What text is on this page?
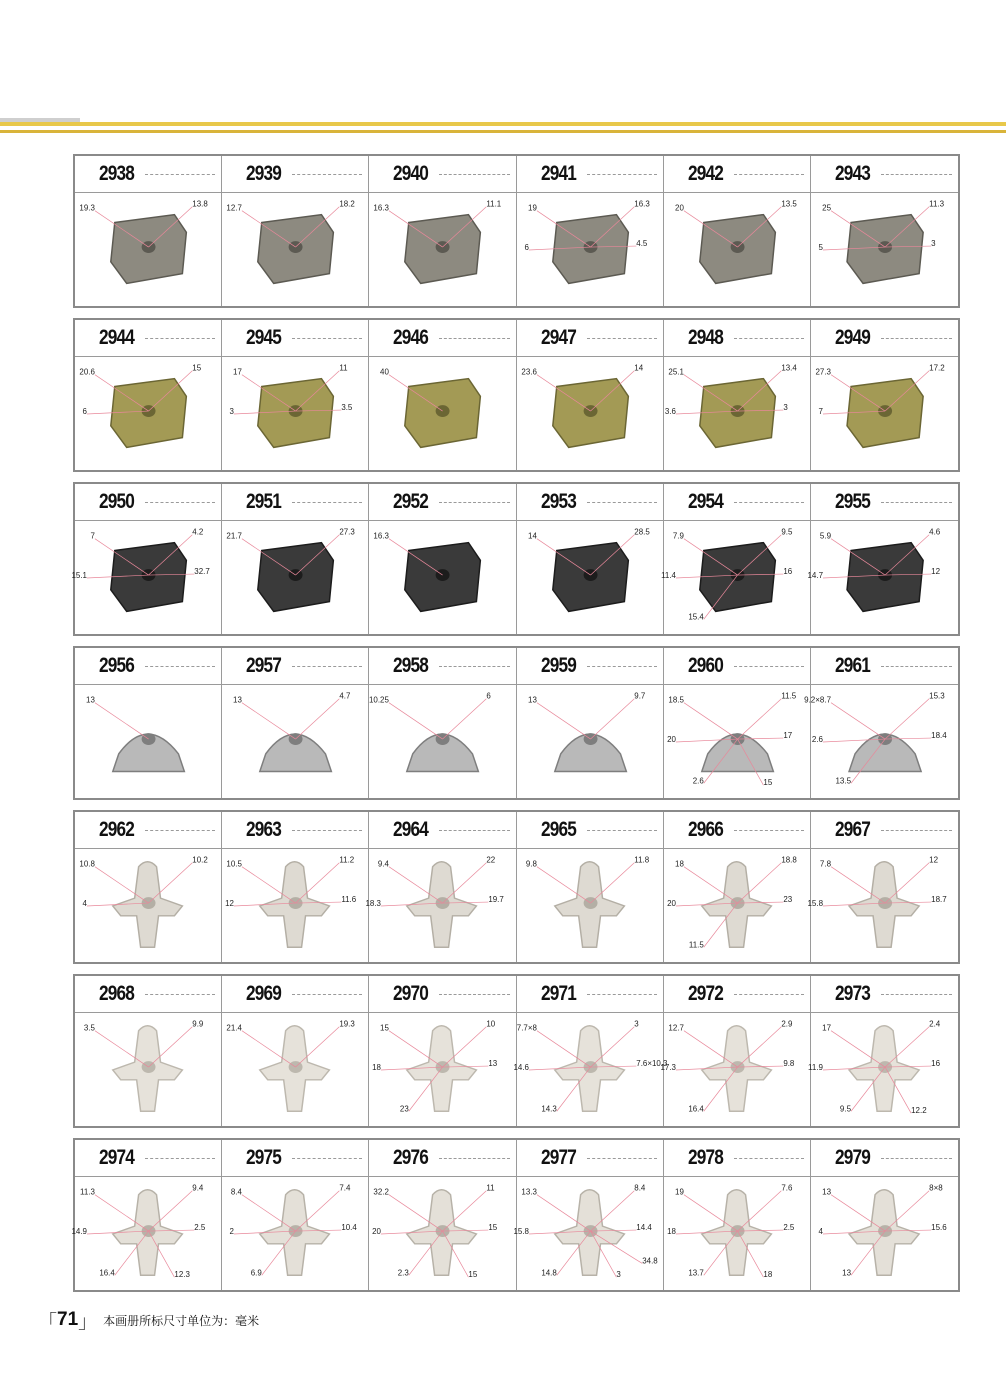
2938
19.3	13.8
2939
12.7	18.2
2940
16.3	11.1
2941
19	16.3
6	4.5
2942
20	13.5
2943
25	11.3
5	3
2944
20.6	15
6
2945
17	11
3	3.5
2946
40
2947
23.6	14
2948
25.1	13.4
3.6	3
2949
27.3	17.2
7
2950
7	4.2
15.1	32.7
2951
21.7	27.3
2952
16.3
2953
14	28.5
2954
7.9	9.5
11.4	16
15.4
2955
5.9	4.6
14.7	12
2956
13
2957
13	4.7
2958
10.25	6
2959
13	9.7
2960
18.5	11.5
20	17
2.6	15
2961
9.2×8.7	15.3
2.6	18.4
13.5
2962
10.8	10.2
4
2963
10.5	11.2
12	11.6
2964
9.4	22
18.3	19.7
2965
9.8	11.8
2966
18	18.8
20	23
11.5
2967
7.8	12
15.8	18.7
2968
3.5	9.9
2969
21.4	19.3
2970
15	10
18	13
23
2971
7.7×8	3
14.6	7.6×10.3
14.3
2972
12.7	2.9
17.3	9.8
16.4
2973
17	2.4
11.9	16
9.5	12.2
2974
11.3	9.4
14.9	2.5
16.4	12.3
2975
8.4	7.4
2	10.4
6.9
2976
32.2	11
20	15
2.3	15
2977
13.3	8.4
15.8	14.4
14.8	3
34.8
2978
19	7.6
18	2.5
13.7	18
2979
13	8×8
4	15.6
13
「 71 」 本画册所标尺寸单位为：毫米
